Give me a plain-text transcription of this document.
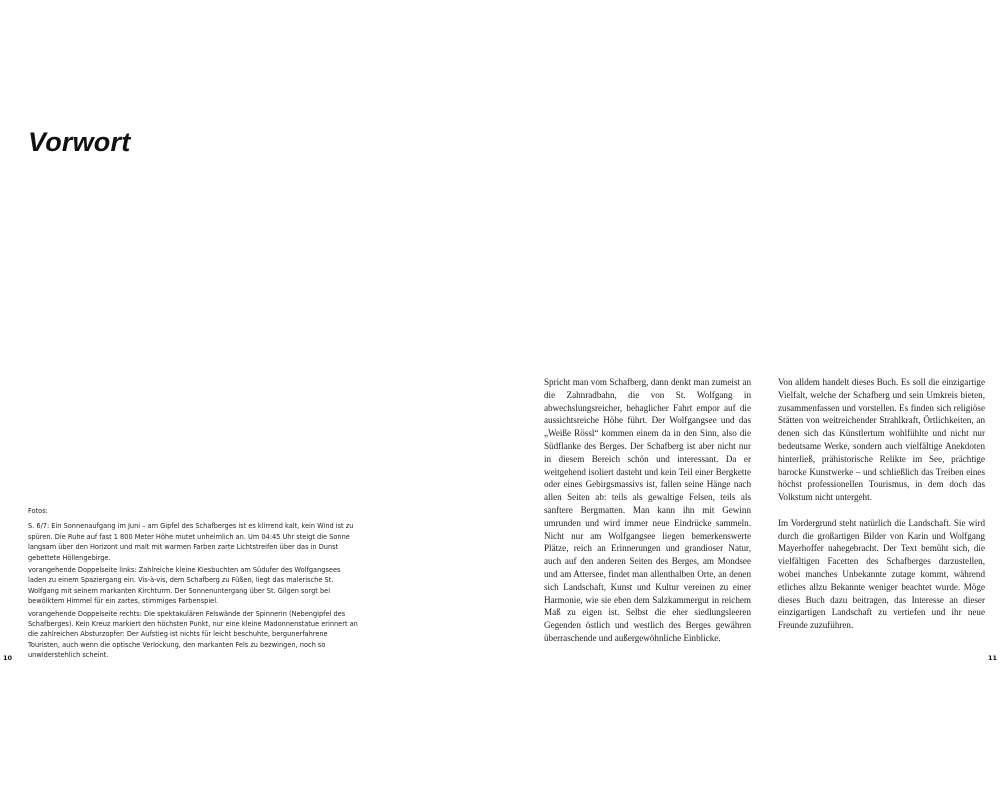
Vorwort

Fotos:

S. 6/7: Ein Sonnenaufgang im Juni – am Gipfel des Schafberges ist es klirrend kalt, kein Wind ist zu spüren. Die Ruhe auf fast 1 800 Meter Höhe mutet unheimlich an. Um 04:45 Uhr steigt die Sonne langsam über den Horizont und malt mit warmen Farben zarte Lichtstreifen über das in Dunst gebettete Höllengebirge.

vorangehende Doppelseite links: Zahlreiche kleine Kiesbuchten am Südufer des Wolfgangsees laden zu einem Spaziergang ein. Vis-à-vis, dem Schafberg zu Füßen, liegt das malerische St. Wolfgang mit seinem markanten Kirchturm. Der Sonnenuntergang über St. Gilgen sorgt bei bewölktem Himmel für ein zartes, stimmiges Farbenspiel.

vorangehende Doppelseite rechts: Die spektakulären Felswände der Spinnerin (Nebengipfel des Schafberges). Kein Kreuz markiert den höchsten Punkt, nur eine kleine Madonnenstatue erinnert an die zahlreichen Absturzopfer: Der Aufstieg ist nichts für leicht beschuhte, bergunerfahrene Touristen, auch wenn die optische Verlockung, den markanten Fels zu bezwingen, noch so unwiderstehlich scheint.

10	11

Spricht man vom Schafberg, dann denkt man zumeist an die Zahnradbahn, die von St. Wolfgang in abwechslungsreicher, behaglicher Fahrt empor auf die aussichtsreiche Höhe führt. Der Wolfgangsee und das „Weiße Rössl“ kommen einem da in den Sinn, also die Südflanke des Berges. Der Schafberg ist aber nicht nur in diesem Bereich schön und interessant. Da er weitgehend isoliert dasteht und kein Teil einer Bergkette oder eines Gebirgsmassivs ist, fallen seine Hänge nach allen Seiten ab: teils als gewaltige Felsen, teils als sanftere Bergmatten. Man kann ihn mit Gewinn umrunden und wird immer neue Eindrücke sammeln. Nicht nur am Wolfgangsee liegen bemerkenswerte Plätze, reich an Erinnerungen und grandioser Natur, auch auf den anderen Seiten des Berges, am Mondsee und am Attersee, findet man allenthalben Orte, an denen sich Landschaft, Kunst und Kultur vereinen zu einer Harmonie, wie sie eben dem Salzkammergut in reichem Maß zu eigen ist. Selbst die eher siedlungsleeren Gegenden östlich und westlich des Berges gewähren überraschende und außergewöhnliche Einblicke.

Von alldem handelt dieses Buch. Es soll die einzigartige Vielfalt, welche der Schafberg und sein Umkreis bieten, zusammenfassen und vorstellen. Es finden sich religiöse Stätten von weitreichender Strahlkraft, Örtlichkeiten, an denen sich das Künstlertum wohlfühlte und nicht nur bedeutsame Werke, sondern auch vielfältige Anekdoten hinterließ, prähistorische Relikte im See, prächtige barocke Kunstwerke – und schließlich das Treiben eines höchst professionellen Tourismus, in dem doch das Volkstum nicht untergeht.

Im Vordergrund steht natürlich die Landschaft. Sie wird durch die großartigen Bilder von Karin und Wolfgang Mayerhoffer nahegebracht. Der Text bemüht sich, die vielfältigen Facetten des Schafberges darzustellen, wobei manches Unbekannte zutage kommt, während etliches allzu Bekannte weniger beachtet wurde. Möge dieses Buch dazu beitragen, das Interesse an dieser einzigartigen Landschaft zu vertiefen und ihr neue Freunde zuzuführen.
